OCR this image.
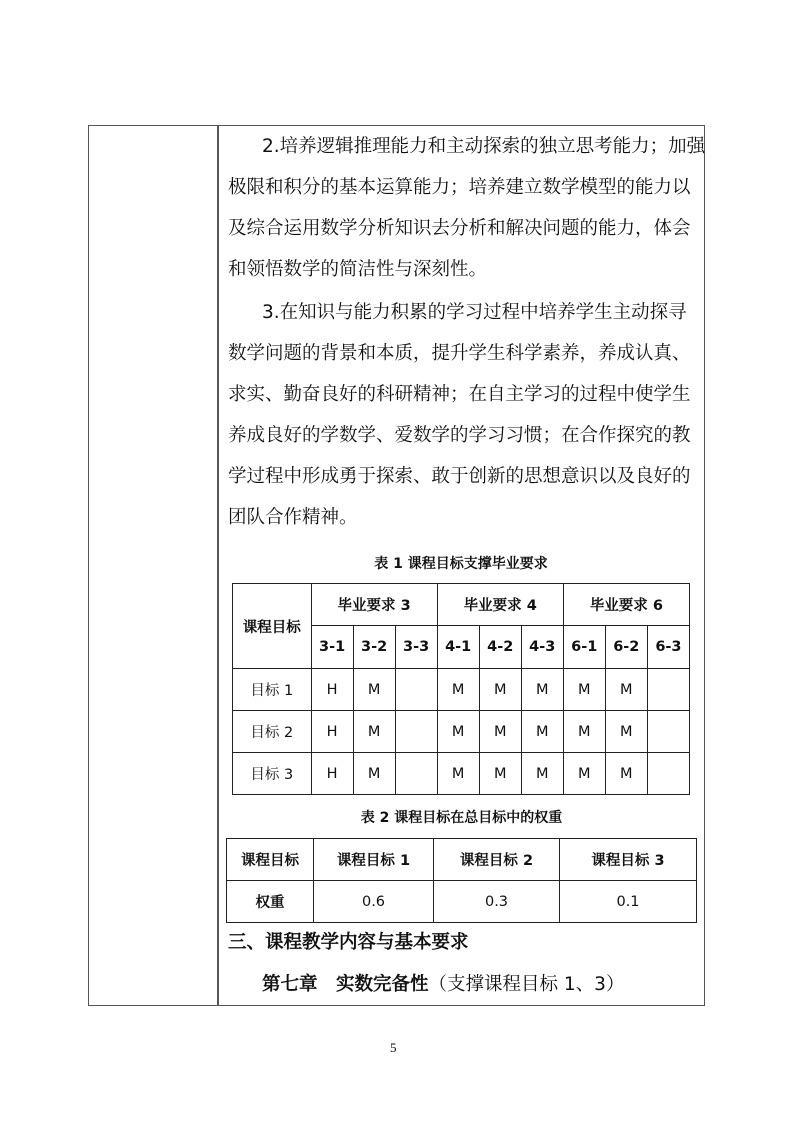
2.培养逻辑推理能力和主动探索的独立思考能力；加强
极限和积分的基本运算能力；培养建立数学模型的能力以
及综合运用数学分析知识去分析和解决问题的能力，体会
和领悟数学的简洁性与深刻性。
3.在知识与能力积累的学习过程中培养学生主动探寻
数学问题的背景和本质，提升学生科学素养，养成认真、
求实、勤奋良好的科研精神；在自主学习的过程中使学生
养成良好的学数学、爱数学的学习习惯；在合作探究的教
学过程中形成勇于探索、敢于创新的思想意识以及良好的
团队合作精神。
表 1 课程目标支撑毕业要求
课程目标	毕业要求 3			毕业要求 4			毕业要求 6		
	3-1	3-2	3-3	4-1	4-2	4-3	6-1	6-2	6-3
目标 1	H	M		M	M	M	M	M	
目标 2	H	M		M	M	M	M	M	
目标 3	H	M		M	M	M	M	M	
表 2 课程目标在总目标中的权重
课程目标	课程目标 1	课程目标 2	课程目标 3
权重	0.6	0.3	0.1
三、课程教学内容与基本要求
第七章　实数完备性（支撑课程目标 1、3）
5
